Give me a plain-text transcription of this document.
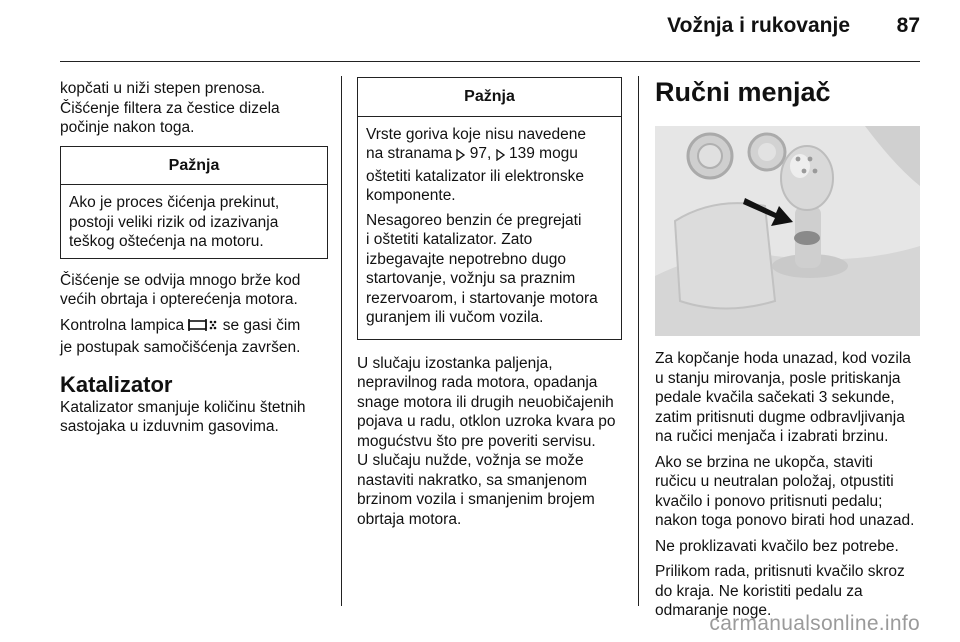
Vožnja i rukovanje	87

kopčati u niži stepen prenosa.
Čišćenje filtera za čestice dizela
počinje nakon toga.

Pažnja
Ako je proces čićenja prekinut,
postoji veliki rizik od izazivanja
teškog oštećenja na motoru.

Čišćenje se odvija mnogo brže kod
većih obrtaja i opterećenja motora.

Kontrolna lampica se gasi čim
je postupak samočišćenja završen.

Katalizator

Katalizator smanjuje količinu štetnih
sastojaka u izduvnim gasovima.

Pažnja

Vrste goriva koje nisu navedene
na stranama 97, 139 mogu
oštetiti katalizator ili elektronske
komponente.

Nesagoreo benzin će pregrejati
i oštetiti katalizator. Zato
izbegavajte nepotrebno dugo
startovanje, vožnju sa praznim
rezervoarom, i startovanje motora
guranjem ili vučom vozila.

U slučaju izostanka paljenja,
nepravilnog rada motora, opadanja
snage motora ili drugih neuobičajenih
pojava u radu, otklon uzroka kvara po
mogućstvu što pre poveriti servisu.
U slučaju nužde, vožnja se može
nastaviti nakratko, sa smanjenom
brzinom vozila i smanjenim brojem
obrtaja motora.

Ručni menjač

Za kopčanje hoda unazad, kod vozila
u stanju mirovanja, posle pritiskanja
pedale kvačila sačekati 3 sekunde,
zatim pritisnuti dugme odbravljivanja
na ručici menjača i izabrati brzinu.

Ako se brzina ne ukopča, staviti
ručicu u neutralan položaj, otpustiti
kvačilo i ponovo pritisnuti pedalu;
nakon toga ponovo birati hod unazad.

Ne proklizavati kvačilo bez potrebe.

Prilikom rada, pritisnuti kvačilo skroz
do kraja. Ne koristiti pedalu za
odmaranje noge.

carmanualsonline.info
